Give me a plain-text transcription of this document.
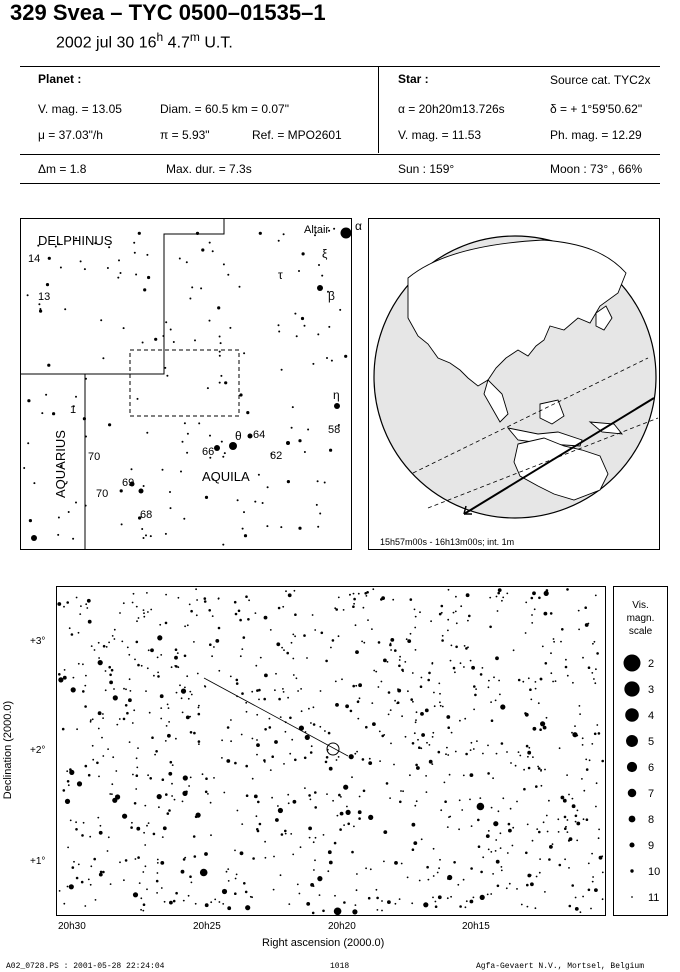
329 Svea – TYC 0500–01535–1
2002 jul 30 16$^h$ 4.7$^m$ U.T.
Planet :
V. mag. = 13.05	Diam. = 60.5 km = 0.07"
μ = 37.03"/h	π = 5.93"	Ref. = MPO2601
Δm = 1.8	Max. dur. = 7.3s
Star :	Source cat. TYC2x
α = 20h20m13.726s	δ = + 1°59'50.62"
V. mag. = 11.53	Ph. mag. = 12.29
Sun : 159°	Moon : 73° , 66%
DELPHINUS
AQUARIUS	AQUILA
Altair α
ξ
τ
β
η
58
θ 64
66	62
14
13
1
70
69
68
70
15h57m00s - 16h13m00s; int. 1m
+3°
+2°
+1°
20h30	20h25	20h20	20h15
Right ascension (2000.0)
Declination (2000.0)
Vis.
magn.
scale
2
3
4
5
6
7
8
9
10
11
A02_0728.PS : 2001-05-28 22:24:04	1018	Agfa-Gevaert N.V., Mortsel, Belgium
